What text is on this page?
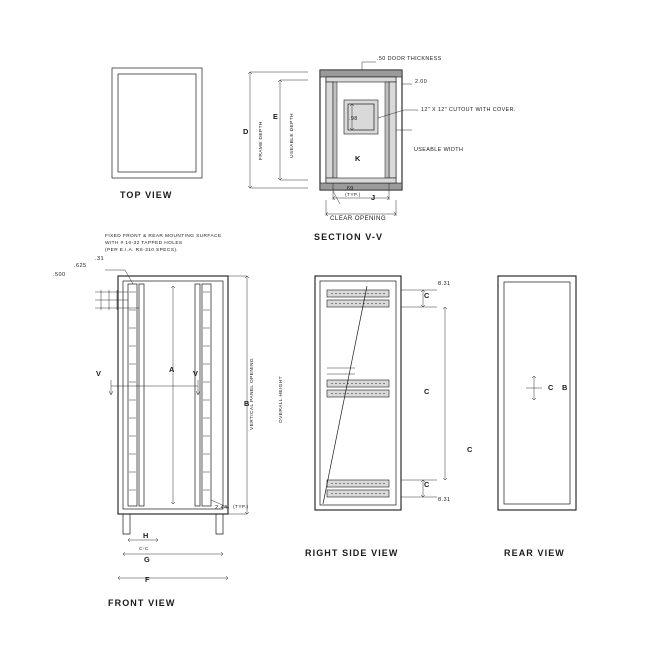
TOP VIEW
D
E
FRAME DEPTH	USEABLE DEPTH
.50 DOOR THICKNESS
2.00
.98
12" X 12" CUTOUT WITH COVER.
USEABLE WIDTH
K
.69
(TYP.) J
CLEAR OPENING
SECTION V-V
FIXED FRONT & REAR MOUNTING SURFACE
WITH # 10-32 TAPPED HOLES
(PER E.I.A. RS-310 SPECS).
.500
.625
.31
V	V
A
B VERTICAL PANEL OPENING	OVERALL HEIGHT
2.44 (TYP.)
H
C-C
G
F
FRONT VIEW
8.31
C
C
C
8.31
C
RIGHT SIDE VIEW
C B
REAR VIEW
